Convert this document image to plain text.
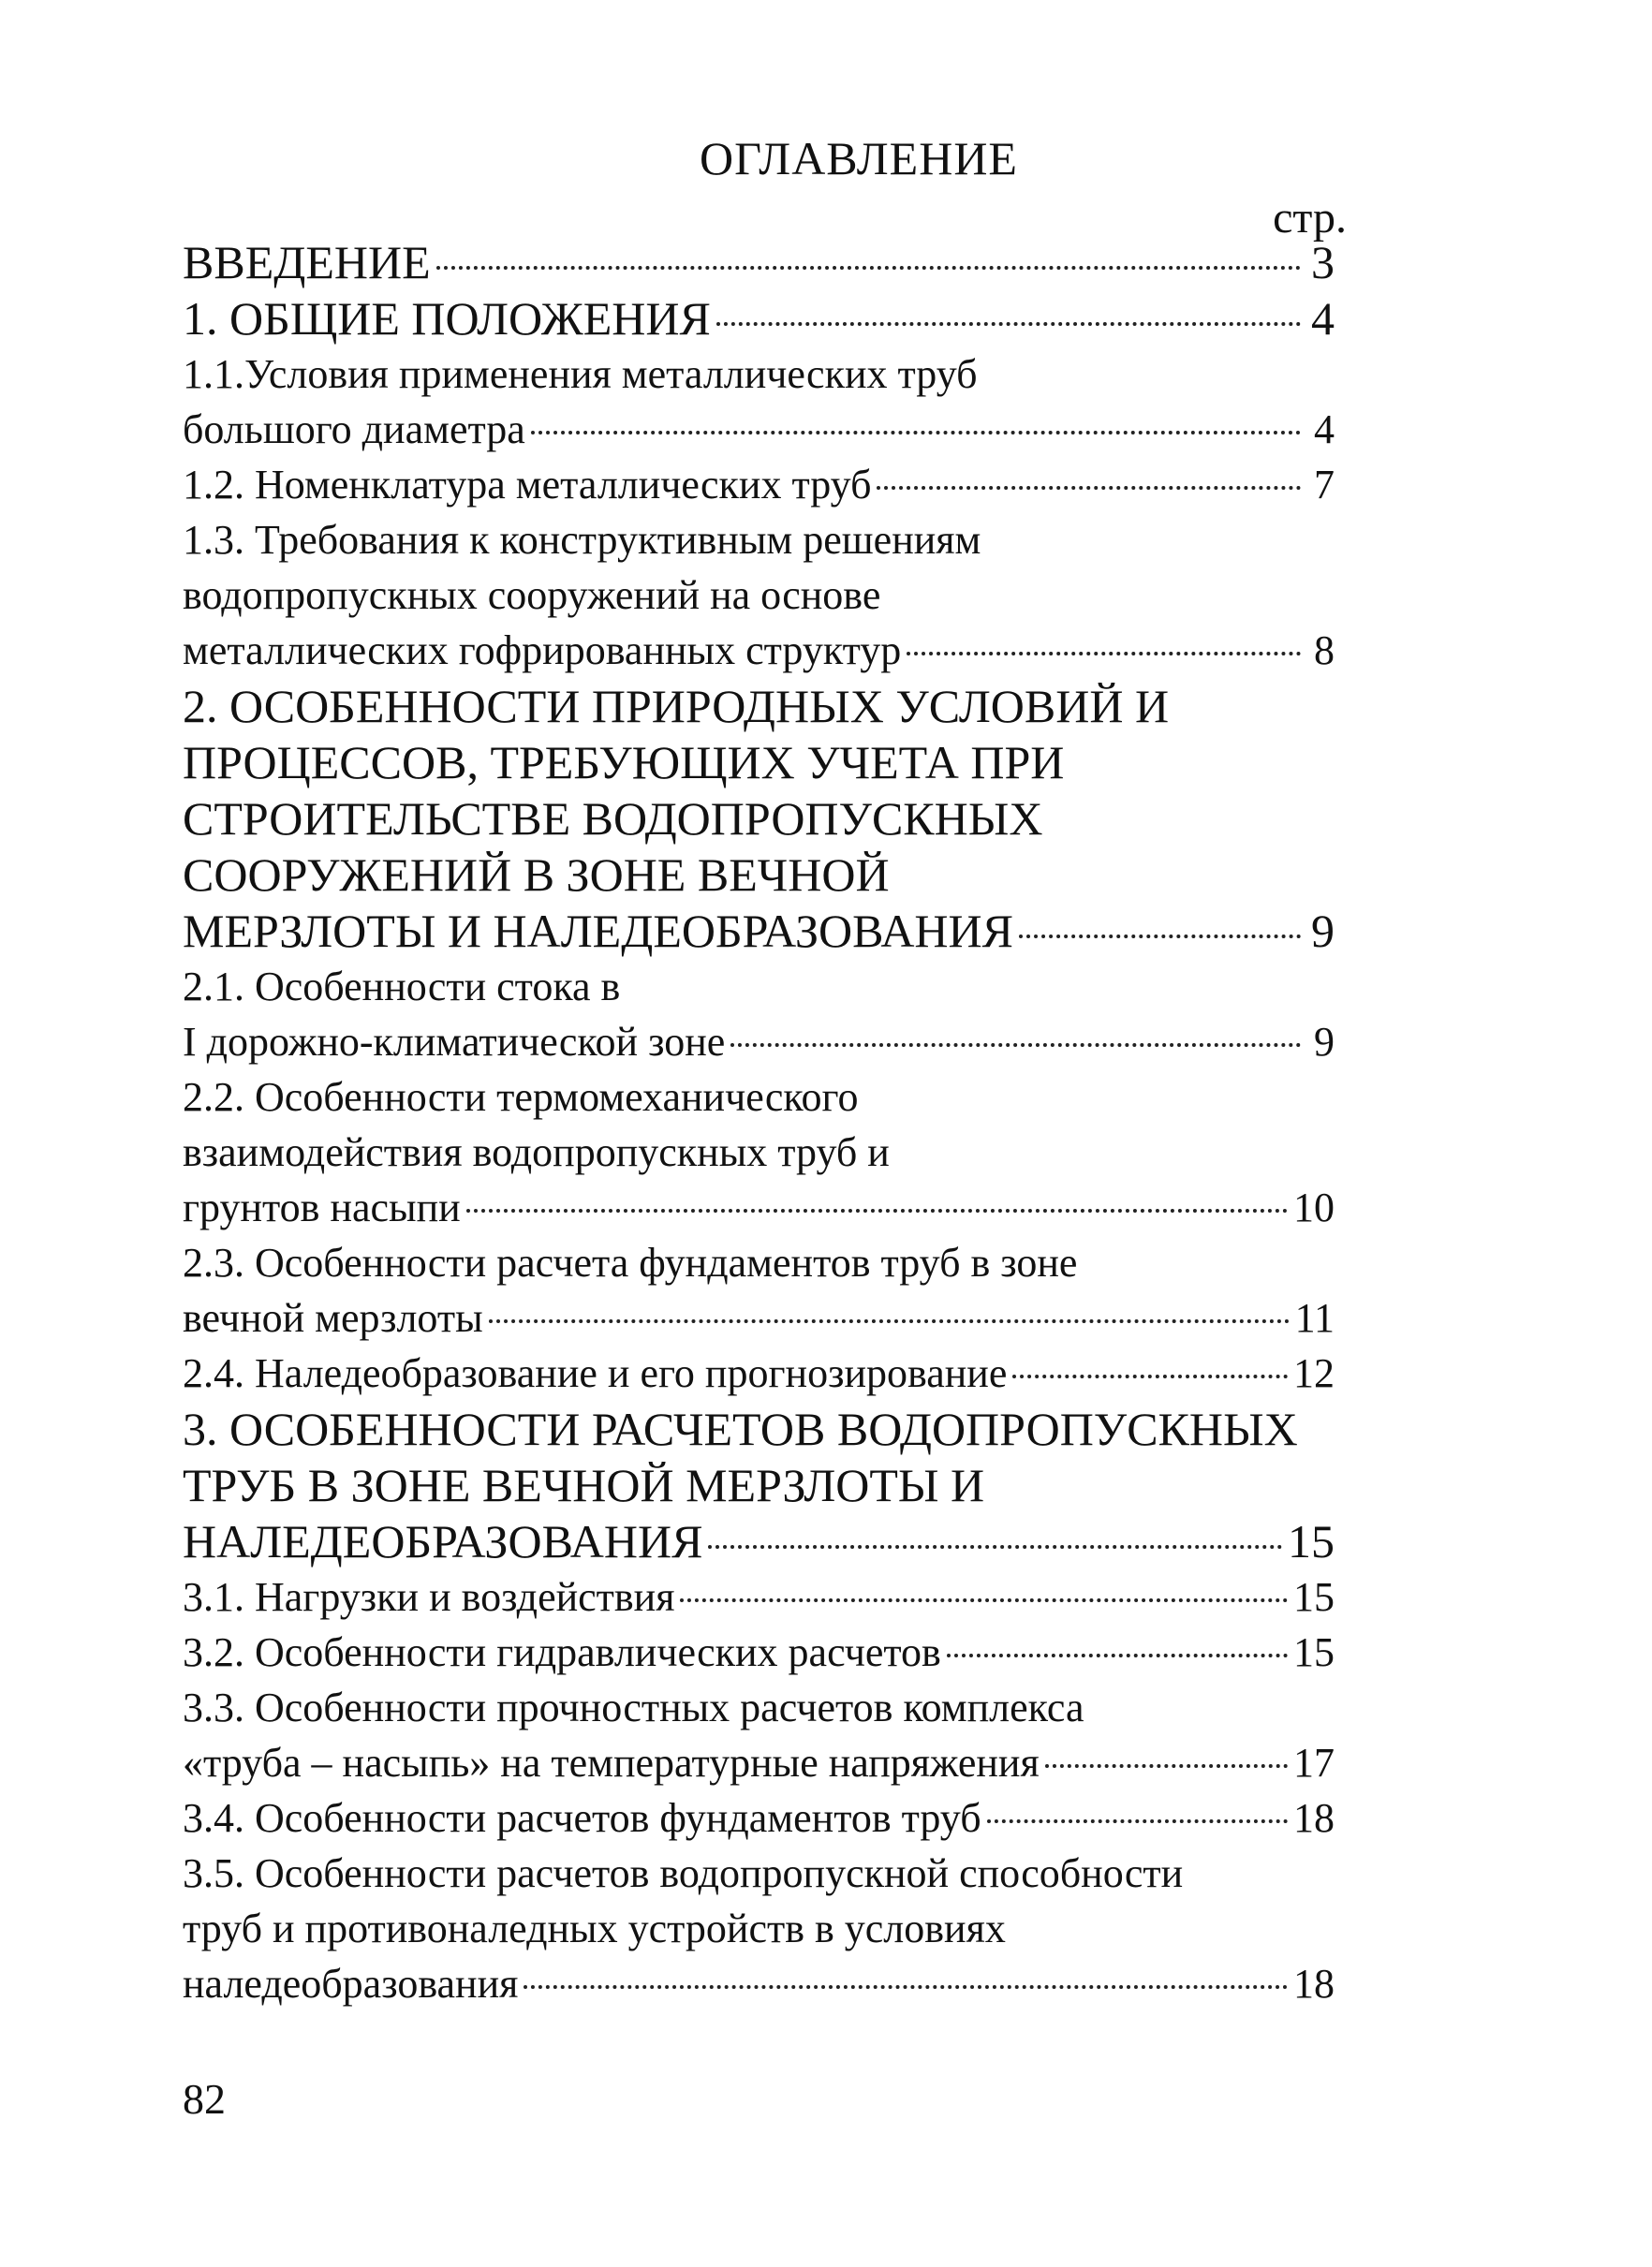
ОГЛАВЛЕНИЕ
стр.
ВВЕДЕНИЕ	3
1. ОБЩИЕ ПОЛОЖЕНИЯ	4
1.1.Условия применения металлических труб
большого диаметра	4
1.2. Номенклатура металлических труб	7
1.3. Требования к конструктивным решениям
водопропускных сооружений на основе
металлических гофрированных структур	8
2. ОСОБЕННОСТИ ПРИРОДНЫХ УСЛОВИЙ И
ПРОЦЕССОВ, ТРЕБУЮЩИХ УЧЕТА ПРИ
СТРОИТЕЛЬСТВЕ ВОДОПРОПУСКНЫХ
СООРУЖЕНИЙ В ЗОНЕ ВЕЧНОЙ
МЕРЗЛОТЫ И НАЛЕДЕОБРАЗОВАНИЯ	9
2.1. Особенности стока в
I дорожно-климатической зоне	9
2.2. Особенности термомеханического
взаимодействия водопропускных труб и
грунтов насыпи	10
2.3. Особенности расчета фундаментов труб в зоне
вечной мерзлоты	11
2.4. Наледеобразование и его прогнозирование	12
3. ОСОБЕННОСТИ РАСЧЕТОВ ВОДОПРОПУСКНЫХ
ТРУБ В ЗОНЕ ВЕЧНОЙ МЕРЗЛОТЫ И
НАЛЕДЕОБРАЗОВАНИЯ	15
3.1. Нагрузки и воздействия	15
3.2. Особенности гидравлических расчетов	15
3.3. Особенности прочностных расчетов комплекса
«труба – насыпь» на температурные напряжения	17
3.4. Особенности расчетов фундаментов труб	18
3.5. Особенности расчетов водопропускной способности
труб и противоналедных устройств в условиях
наледеобразования	18
82
